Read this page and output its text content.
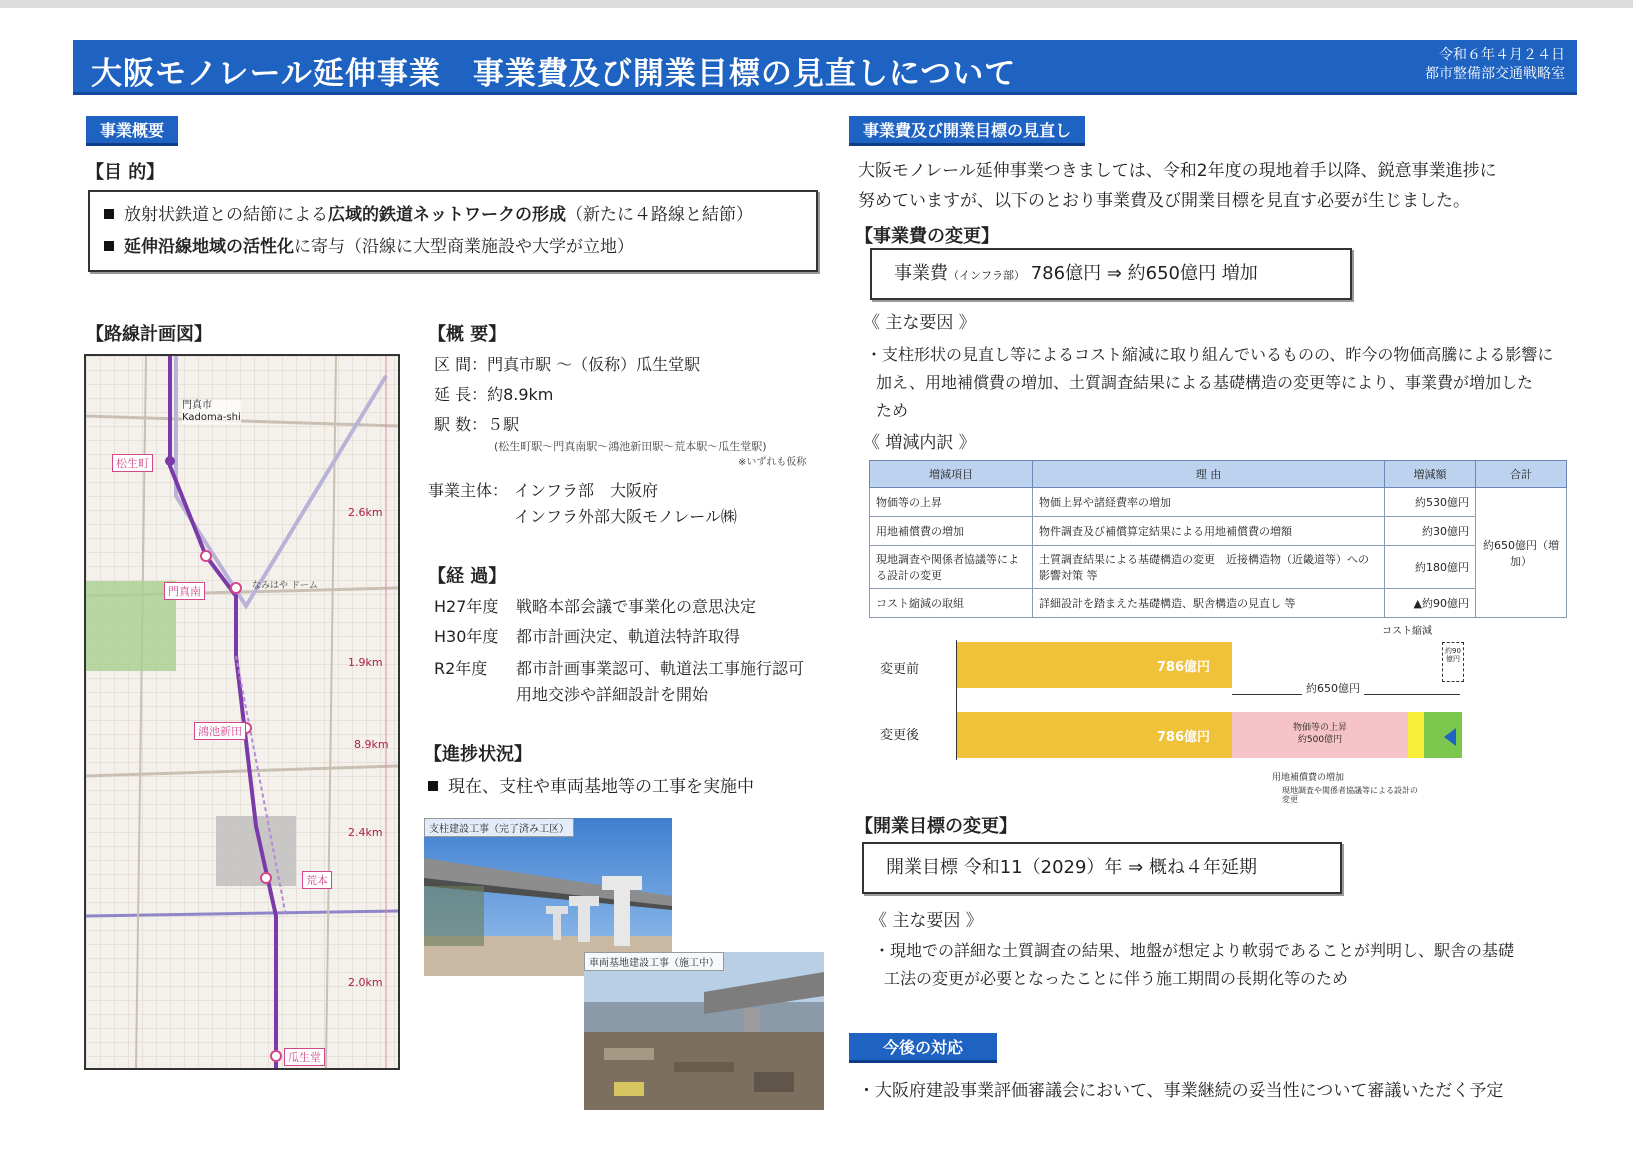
大阪モノレール延伸事業　事業費及び開業目標の見直しについて
令和６年４月２４日
都市整備部交通戦略室
事業概要
【目 的】
放射状鉄道との結節による広域的鉄道ネットワークの形成（新たに４路線と結節）
延伸沿線地域の活性化に寄与（沿線に大型商業施設や大学が立地）
【路線計画図】
門真市
Kadoma-shi
松生町
門真南
鴻池新田
荒本
瓜生堂
なみはや ドーム
2.6km
1.9km
8.9km
2.4km
2.0km
【概 要】
区 間：門真市駅 ～（仮称）瓜生堂駅
延 長：約8.9km
駅 数：５駅
(松生町駅～門真南駅～鴻池新田駅～荒本駅～瓜生堂駅)
※いずれも仮称
事業主体： インフラ部 大阪府
インフラ外部 大阪モノレール㈱
【経 過】
H27年度 戦略本部会議で事業化の意思決定
H30年度 都市計画決定、軌道法特許取得
R2年度 都市計画事業認可、軌道法工事施行認可
用地交渉や詳細設計を開始
【進捗状況】
現在、支柱や車両基地等の工事を実施中
支柱建設工事（完了済み工区）
車両基地建設工事（施工中）
事業費及び開業目標の見直し
大阪モノレール延伸事業つきましては、令和2年度の現地着手以降、鋭意事業進捗に
努めていますが、以下のとおり事業費及び開業目標を見直す必要が生じました。
【事業費の変更】
事業費（インフラ部） 786億円 ⇒ 約650億円 増加
《 主な要因 》
・支柱形状の見直し等によるコスト縮減に取り組んでいるものの、昨今の物価高騰による影響に
加え、用地補償費の増加、土質調査結果による基礎構造の変更等により、事業費が増加した
ため
《 増減内訳 》
増減項目	理 由	増減額	合計
物価等の上昇	物価上昇や諸経費率の増加	約530億円	約650億円（増加）
用地補償費の増加	物件調査及び補償算定結果による用地補償費の増額	約30億円	
現地調査や関係者協議等による設計の変更	土質調査結果による基礎構造の変更　近接構造物（近畿道等）への影響対策 等	約180億円	
コスト縮減の取組	詳細設計を踏まえた基礎構造、駅舎構造の見直し 等	▲約90億円	
変更前
変更後
786億円
786億円
物価等の上昇
約500億円
約90億円
コスト縮減
約650億円
用地補償費の増加
現地調査や関係者協議等による設計の変更
【開業目標の変更】
開業目標 令和11（2029）年 ⇒ 概ね４年延期
《 主な要因 》
・現地での詳細な土質調査の結果、地盤が想定より軟弱であることが判明し、駅舎の基礎
工法の変更が必要となったことに伴う施工期間の長期化等のため
今後の対応
・大阪府建設事業評価審議会において、事業継続の妥当性について審議いただく予定
